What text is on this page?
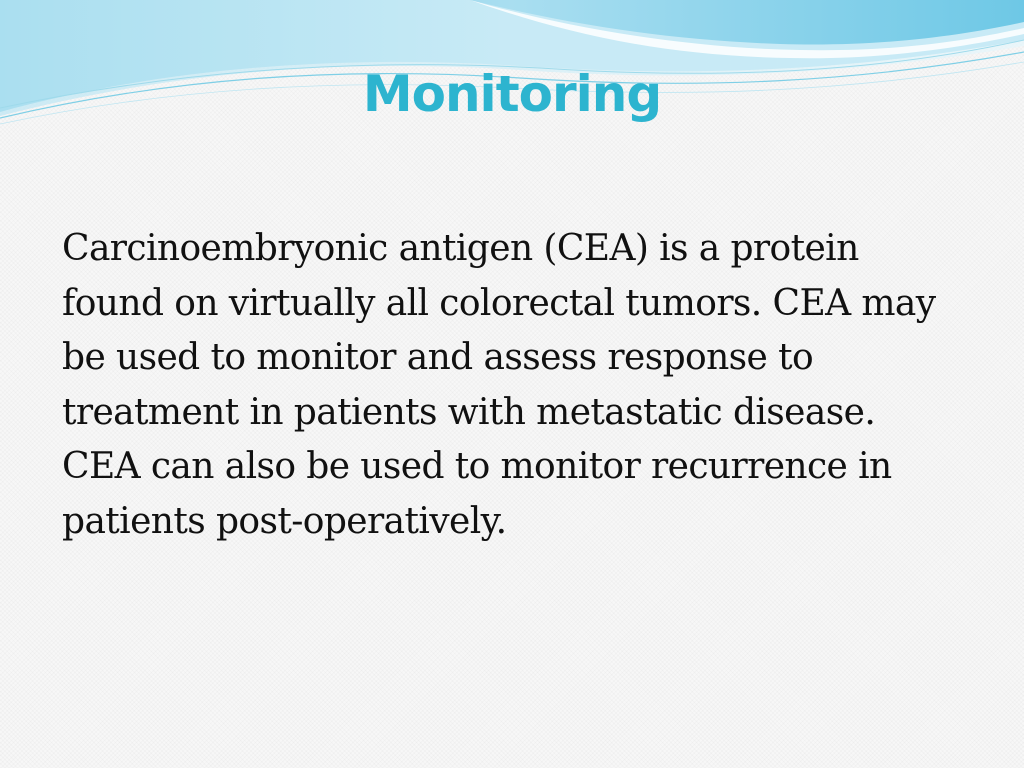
Monitoring

Carcinoembryonic antigen (CEA) is a protein found on virtually all colorectal tumors. CEA may be used to monitor and assess response to treatment in patients with metastatic disease. CEA can also be used to monitor recurrence in patients post-operatively.
